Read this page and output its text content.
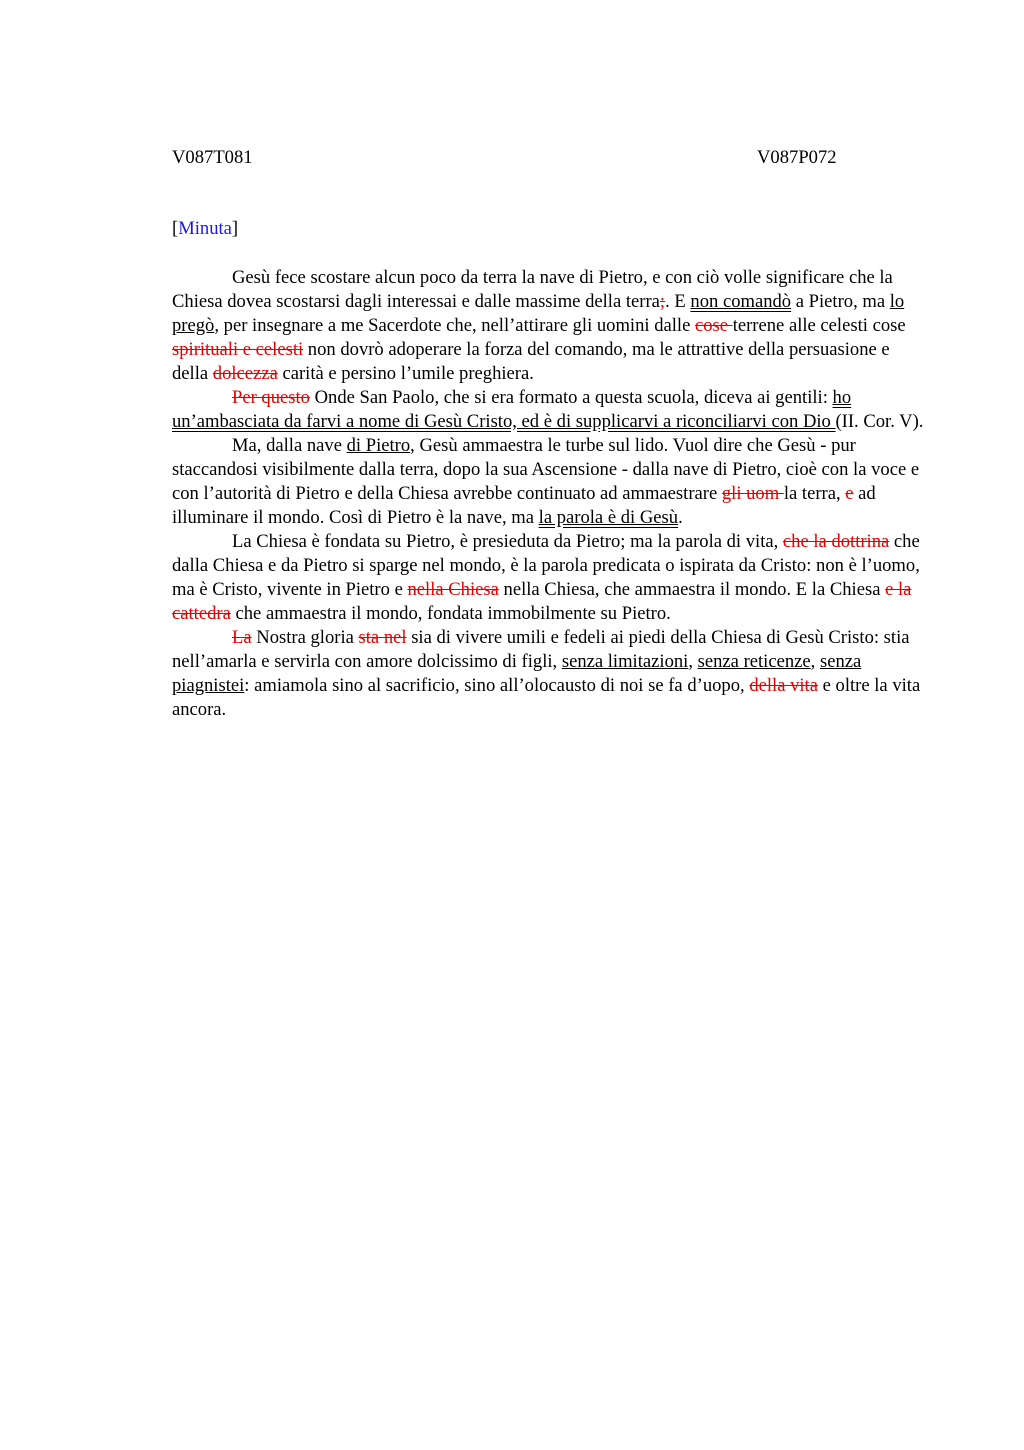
V087T081	V087P072
[Minuta]

Gesù fece scostare alcun poco da terra la nave di Pietro, e con ciò volle significare che la Chiesa dovea scostarsi dagli interessai e dalle massime della terra;. E non comandò a Pietro, ma lo pregò, per insegnare a me Sacerdote che, nell’attirare gli uomini dalle cose terrene alle celesti cose spirituali e celesti non dovrò adoperare la forza del comando, ma le attrattive della persuasione e della dolcezza carità e persino l’umile preghiera.

Per questo Onde San Paolo, che si era formato a questa scuola, diceva ai gentili: ho un’ambasciata da farvi a nome di Gesù Cristo, ed è di supplicarvi a riconciliarvi con Dio (II. Cor. V).

Ma, dalla nave di Pietro, Gesù ammaestra le turbe sul lido. Vuol dire che Gesù - pur staccandosi visibilmente dalla terra, dopo la sua Ascensione - dalla nave di Pietro, cioè con la voce e con l’autorità di Pietro e della Chiesa avrebbe continuato ad ammaestrare gli uom la terra, e ad illuminare il mondo. Così di Pietro è la nave, ma la parola è di Gesù.

La Chiesa è fondata su Pietro, è presieduta da Pietro; ma la parola di vita, che la dottrina che dalla Chiesa e da Pietro si sparge nel mondo, è la parola predicata o ispirata da Cristo: non è l’uomo, ma è Cristo, vivente in Pietro e nella Chiesa nella Chiesa, che ammaestra il mondo. E la Chiesa e la cattedra che ammaestra il mondo, fondata immobilmente su Pietro.

La Nostra gloria sta nel sia di vivere umili e fedeli ai piedi della Chiesa di Gesù Cristo: stia nell’amarla e servirla con amore dolcissimo di figli, senza limitazioni, senza reticenze, senza piagnistei: amiamola sino al sacrificio, sino all’olocausto di noi se fa d’uopo, della vita e oltre la vita ancora.
